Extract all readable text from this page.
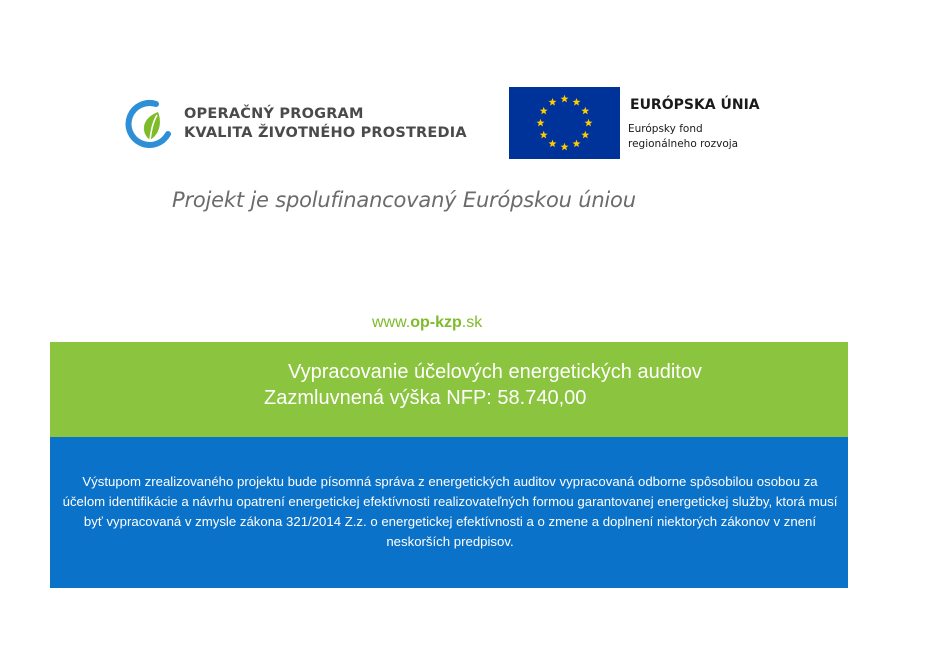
OPERAČNÝ PROGRAM
KVALITA ŽIVOTNÉHO PROSTREDIA
EURÓPSKA ÚNIA
Európsky fond
regionálneho rozvoja
Projekt je spolufinancovaný Európskou úniou
www.op-kzp.sk
Vypracovanie účelových energetických auditov
Zazmluvnená výška NFP: 58.740,00
Výstupom zrealizovaného projektu bude písomná správa z energetických auditov vypracovaná odborne spôsobilou osobou za účelom identifikácie a návrhu opatrení energetickej efektívnosti realizovateľných formou garantovanej energetickej služby, ktorá musí byť vypracovaná v zmysle zákona 321/2014 Z.z. o energetickej efektívnosti a o zmene a doplnení niektorých zákonov v znení neskorších predpisov.
